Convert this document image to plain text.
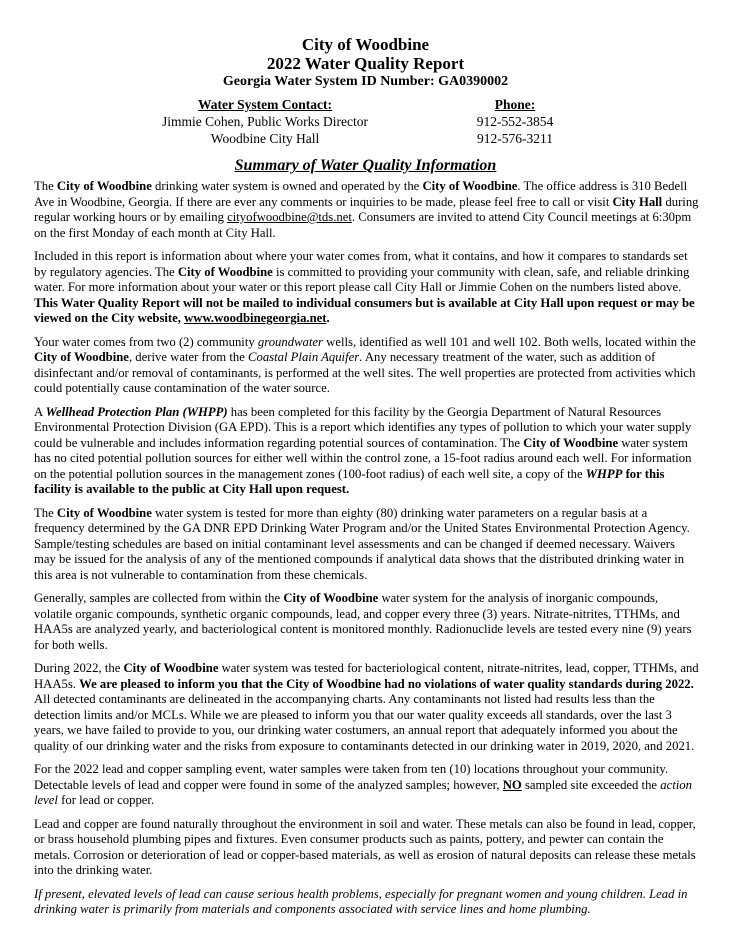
City of Woodbine
2022 Water Quality Report
Georgia Water System ID Number: GA0390002
Water System Contact:
Jimmie Cohen, Public Works Director
Woodbine City Hall
Phone:
912-552-3854
912-576-3211
Summary of Water Quality Information

The City of Woodbine drinking water system is owned and operated by the City of Woodbine. The office address is 310 Bedell Ave in Woodbine, Georgia. If there are ever any comments or inquiries to be made, please feel free to call or visit City Hall during regular working hours or by emailing cityofwoodbine@tds.net. Consumers are invited to attend City Council meetings at 6:30pm on the first Monday of each month at City Hall.

Included in this report is information about where your water comes from, what it contains, and how it compares to standards set by regulatory agencies. The City of Woodbine is committed to providing your community with clean, safe, and reliable drinking water. For more information about your water or this report please call City Hall or Jimmie Cohen on the numbers listed above. This Water Quality Report will not be mailed to individual consumers but is available at City Hall upon request or may be viewed on the City website, www.woodbinegeorgia.net.

Your water comes from two (2) community groundwater wells, identified as well 101 and well 102. Both wells, located within the City of Woodbine, derive water from the Coastal Plain Aquifer. Any necessary treatment of the water, such as addition of disinfectant and/or removal of contaminants, is performed at the well sites. The well properties are protected from activities which could potentially cause contamination of the water source.

A Wellhead Protection Plan (WHPP) has been completed for this facility by the Georgia Department of Natural Resources Environmental Protection Division (GA EPD). This is a report which identifies any types of pollution to which your water supply could be vulnerable and includes information regarding potential sources of contamination. The City of Woodbine water system has no cited potential pollution sources for either well within the control zone, a 15-foot radius around each well. For information on the potential pollution sources in the management zones (100-foot radius) of each well site, a copy of the WHPP for this facility is available to the public at City Hall upon request.

The City of Woodbine water system is tested for more than eighty (80) drinking water parameters on a regular basis at a frequency determined by the GA DNR EPD Drinking Water Program and/or the United States Environmental Protection Agency. Sample/testing schedules are based on initial contaminant level assessments and can be changed if deemed necessary. Waivers may be issued for the analysis of any of the mentioned compounds if analytical data shows that the distributed drinking water in this area is not vulnerable to contamination from these chemicals.

Generally, samples are collected from within the City of Woodbine water system for the analysis of inorganic compounds, volatile organic compounds, synthetic organic compounds, lead, and copper every three (3) years. Nitrate-nitrites, TTHMs, and HAA5s are analyzed yearly, and bacteriological content is monitored monthly. Radionuclide levels are tested every nine (9) years for both wells.

During 2022, the City of Woodbine water system was tested for bacteriological content, nitrate-nitrites, lead, copper, TTHMs, and HAA5s. We are pleased to inform you that the City of Woodbine had no violations of water quality standards during 2022. All detected contaminants are delineated in the accompanying charts. Any contaminants not listed had results less than the detection limits and/or MCLs. While we are pleased to inform you that our water quality exceeds all standards, over the last 3 years, we have failed to provide to you, our drinking water costumers, an annual report that adequately informed you about the quality of our drinking water and the risks from exposure to contaminants detected in our drinking water in 2019, 2020, and 2021.

For the 2022 lead and copper sampling event, water samples were taken from ten (10) locations throughout your community. Detectable levels of lead and copper were found in some of the analyzed samples; however, NO sampled site exceeded the action level for lead or copper.

Lead and copper are found naturally throughout the environment in soil and water. These metals can also be found in lead, copper, or brass household plumbing pipes and fixtures. Even consumer products such as paints, pottery, and pewter can contain the metals. Corrosion or deterioration of lead or copper-based materials, as well as erosion of natural deposits can release these metals into the drinking water.

If present, elevated levels of lead can cause serious health problems, especially for pregnant women and young children. Lead in drinking water is primarily from materials and components associated with service lines and home plumbing.
